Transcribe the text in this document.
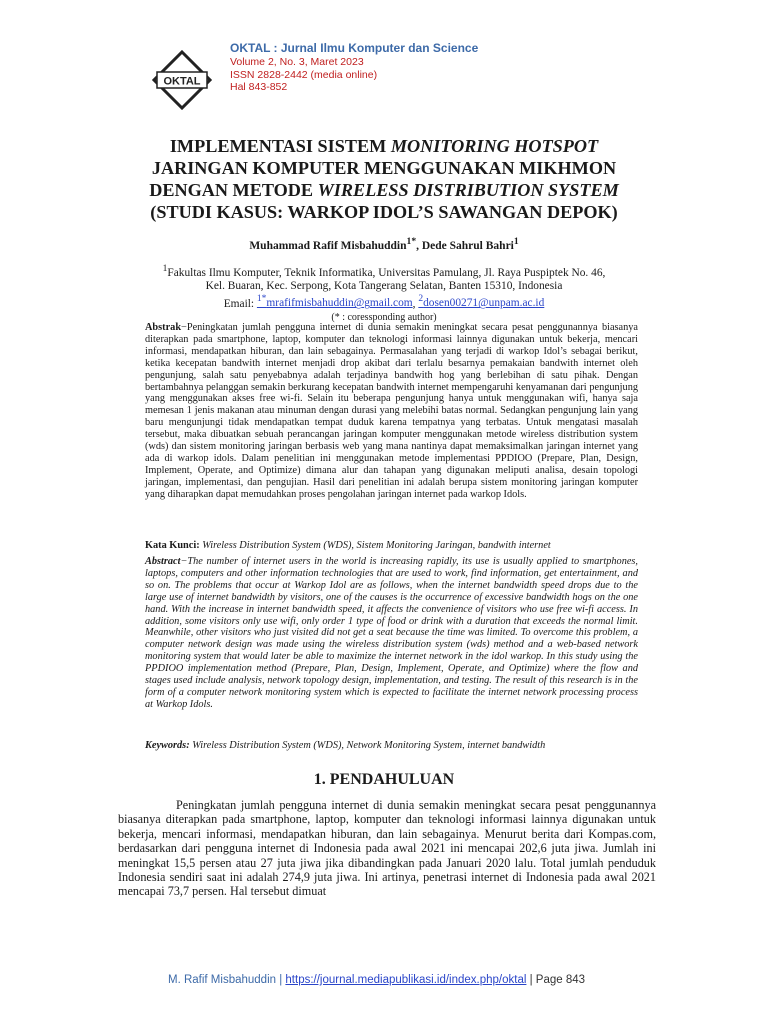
OKTAL
OKTAL : Jurnal Ilmu Komputer dan Science
Volume 2, No. 3, Maret 2023
ISSN 2828-2442 (media online)
Hal 843-852
IMPLEMENTASI SISTEM MONITORING HOTSPOT
JARINGAN KOMPUTER MENGGUNAKAN MIKHMON
DENGAN METODE WIRELESS DISTRIBUTION SYSTEM
(STUDI KASUS: WARKOP IDOL’S SAWANGAN DEPOK)
Muhammad Rafif Misbahuddin$^{1*}$, Dede Sahrul Bahri$^1$
$^1$Fakultas Ilmu Komputer, Teknik Informatika, Universitas Pamulang, Jl. Raya Puspiptek No. 46,
Kel. Buaran, Kec. Serpong, Kota Tangerang Selatan, Banten 15310, Indonesia
Email: $^{1*}$mrafifmisbahuddin@gmail.com, $^2$dosen00271@unpam.ac.id
(* : coressponding author)

Abstrak−Peningkatan jumlah pengguna internet di dunia semakin meningkat secara pesat penggunannya biasanya diterapkan pada smartphone, laptop, komputer dan teknologi informasi lainnya digunakan untuk bekerja, mencari informasi, mendapatkan hiburan, dan lain sebagainya. Permasalahan yang terjadi di warkop Idol’s sebagai berikut, ketika kecepatan bandwith internet menjadi drop akibat dari terlalu besarnya pemakaian bandwith internet oleh pengunjung, salah satu penyebabnya adalah terjadinya bandwith hog yang berlebihan di satu pihak. Dengan bertambahnya pelanggan semakin berkurang kecepatan bandwith internet mempengaruhi kenyamanan dari pengunjung yang menggunakan akses free wi-fi. Selain itu beberapa pengunjung hanya untuk menggunakan wifi, hanya saja memesan 1 jenis makanan atau minuman dengan durasi yang melebihi batas normal. Sedangkan pengunjung lain yang baru mengunjungi tidak mendapatkan tempat duduk karena tempatnya yang terbatas. Untuk mengatasi masalah tersebut, maka dibuatkan sebuah perancangan jaringan komputer menggunakan metode wireless distribution system (wds) dan sistem monitoring jaringan berbasis web yang mana nantinya dapat memaksimalkan jaringan internet yang ada di warkop idols. Dalam penelitian ini menggunakan metode implementasi PPDIOO (Prepare, Plan, Design, Implement, Operate, and Optimize) dimana alur dan tahapan yang digunakan meliputi analisa, desain topologi jaringan, implementasi, dan pengujian. Hasil dari penelitian ini adalah berupa sistem monitoring jaringan komputer yang diharapkan dapat memudahkan proses pengolahan jaringan internet pada warkop Idols.

Kata Kunci: Wireless Distribution System (WDS), Sistem Monitoring Jaringan, bandwith internet

Abstract−The number of internet users in the world is increasing rapidly, its use is usually applied to smartphones, laptops, computers and other information technologies that are used to work, find information, get entertainment, and so on. The problems that occur at Warkop Idol are as follows, when the internet bandwidth speed drops due to the large use of internet bandwidth by visitors, one of the causes is the occurrence of excessive bandwidth hogs on the one hand. With the increase in internet bandwidth speed, it affects the convenience of visitors who use free wi-fi access. In addition, some visitors only use wifi, only order 1 type of food or drink with a duration that exceeds the normal limit. Meanwhile, other visitors who just visited did not get a seat because the time was limited. To overcome this problem, a computer network design was made using the wireless distribution system (wds) method and a web-based network monitoring system that would later be able to maximize the internet network in the idol warkop. In this study using the PPDIOO implementation method (Prepare, Plan, Design, Implement, Operate, and Optimize) where the flow and stages used include analysis, network topology design, implementation, and testing. The result of this research is in the form of a computer network monitoring system which is expected to facilitate the internet network processing process at Warkop Idols.

Keywords: Wireless Distribution System (WDS), Network Monitoring System, internet bandwidth
1. PENDAHULUAN

Peningkatan jumlah pengguna internet di dunia semakin meningkat secara pesat penggunannya biasanya diterapkan pada smartphone, laptop, komputer dan teknologi informasi lainnya digunakan untuk bekerja, mencari informasi, mendapatkan hiburan, dan lain sebagainya. Menurut berita dari Kompas.com, berdasarkan dari pengguna internet di Indonesia pada awal 2021 ini mencapai 202,6 juta jiwa. Jumlah ini meningkat 15,5 persen atau 27 juta jiwa jika dibandingkan pada Januari 2020 lalu. Total jumlah penduduk Indonesia sendiri saat ini adalah 274,9 juta jiwa. Ini artinya, penetrasi internet di Indonesia pada awal 2021 mencapai 73,7 persen. Hal tersebut dimuat

M. Rafif Misbahuddin | https://journal.mediapublikasi.id/index.php/oktal | Page 843
